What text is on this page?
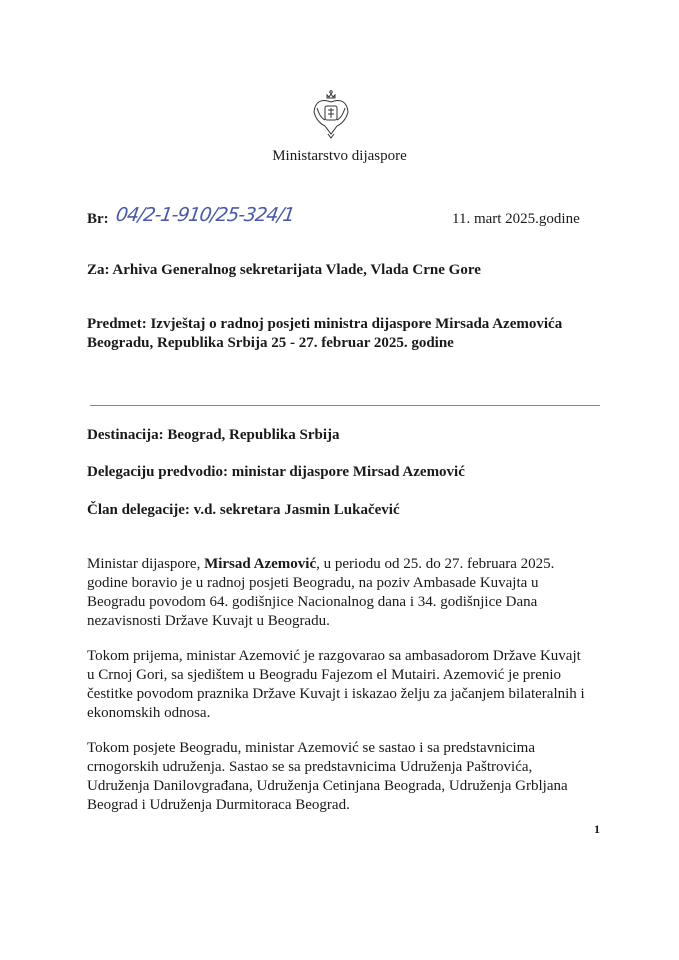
Ministarstvo dijaspore
Br: 04/2-1-910/25-324/1	11. mart 2025.godine
Za: Arhiva Generalnog sekretarijata Vlade, Vlada Crne Gore
Predmet: Izvještaj o radnoj posjeti ministra dijaspore Mirsada Azemovića
Beogradu, Republika Srbija 25 - 27. februar 2025. godine
Destinacija: Beograd, Republika Srbija
Delegaciju predvodio: ministar dijaspore Mirsad Azemović
Član delegacije: v.d. sekretara Jasmin Lukačević
Ministar dijaspore, Mirsad Azemović, u periodu od 25. do 27. februara 2025.
godine boravio je u radnoj posjeti Beogradu, na poziv Ambasade Kuvajta u
Beogradu povodom 64. godišnjice Nacionalnog dana i 34. godišnjice Dana
nezavisnosti Države Kuvajt u Beogradu.
Tokom prijema, ministar Azemović je razgovarao sa ambasadorom Države Kuvajt
u Crnoj Gori, sa sjedištem u Beogradu Fajezom el Mutairi. Azemović je prenio
čestitke povodom praznika Države Kuvajt i iskazao želju za jačanjem bilateralnih i
ekonomskih odnosa.
Tokom posjete Beogradu, ministar Azemović se sastao i sa predstavnicima
crnogorskih udruženja. Sastao se sa predstavnicima Udruženja Paštrovića,
Udruženja Danilovgrađana, Udruženja Cetinjana Beograda, Udruženja Grbljana
Beograd i Udruženja Durmitoraca Beograd.
1
